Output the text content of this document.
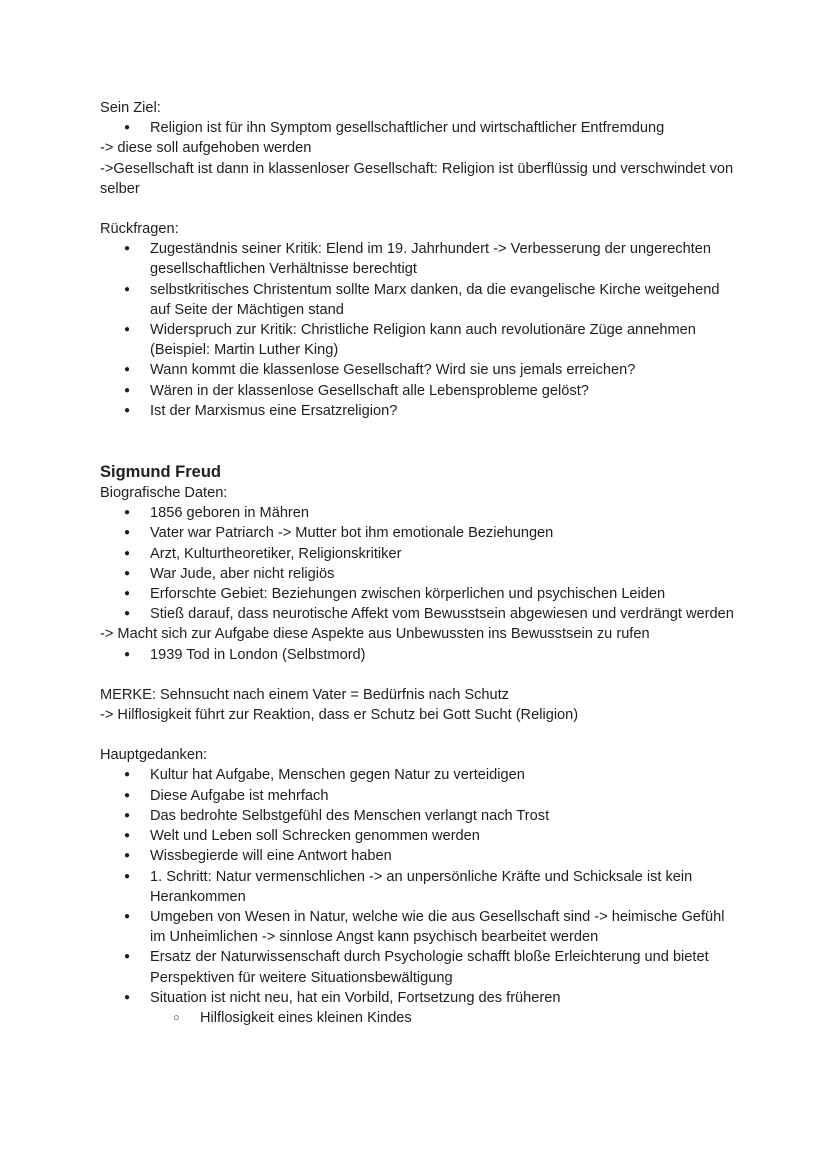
Sein Ziel:

● Religion ist für ihn Symptom gesellschaftlicher und wirtschaftlicher Entfremdung

-> diese soll aufgehoben werden

->Gesellschaft ist dann in klassenloser Gesellschaft: Religion ist überflüssig und verschwindet von selber

Rückfragen:

● Zugeständnis seiner Kritik: Elend im 19. Jahrhundert -> Verbesserung der ungerechten gesellschaftlichen Verhältnisse berechtigt
● selbstkritisches Christentum sollte Marx danken, da die evangelische Kirche weitgehend auf Seite der Mächtigen stand
● Widerspruch zur Kritik: Christliche Religion kann auch revolutionäre Züge annehmen (Beispiel: Martin Luther King)
● Wann kommt die klassenlose Gesellschaft? Wird sie uns jemals erreichen?
● Wären in der klassenlose Gesellschaft alle Lebensprobleme gelöst?
● Ist der Marxismus eine Ersatzreligion?

Sigmund Freud

Biografische Daten:

● 1856 geboren in Mähren
● Vater war Patriarch -> Mutter bot ihm emotionale Beziehungen
● Arzt, Kulturtheoretiker, Religionskritiker
● War Jude, aber nicht religiös
● Erforschte Gebiet: Beziehungen zwischen körperlichen und psychischen Leiden
● Stieß darauf, dass neurotische Affekt vom Bewusstsein abgewiesen und verdrängt werden

-> Macht sich zur Aufgabe diese Aspekte aus Unbewussten ins Bewusstsein zu rufen

● 1939 Tod in London (Selbstmord)

MERKE: Sehnsucht nach einem Vater = Bedürfnis nach Schutz

-> Hilflosigkeit führt zur Reaktion, dass er Schutz bei Gott Sucht (Religion)

Hauptgedanken:

● Kultur hat Aufgabe, Menschen gegen Natur zu verteidigen
● Diese Aufgabe ist mehrfach
● Das bedrohte Selbstgefühl des Menschen verlangt nach Trost
● Welt und Leben soll Schrecken genommen werden
● Wissbegierde will eine Antwort haben
● 1. Schritt: Natur vermenschlichen -> an unpersönliche Kräfte und Schicksale ist kein Herankommen
● Umgeben von Wesen in Natur, welche wie die aus Gesellschaft sind -> heimische Gefühl im Unheimlichen -> sinnlose Angst kann psychisch bearbeitet werden
● Ersatz der Naturwissenschaft durch Psychologie schafft bloße Erleichterung und bietet Perspektiven für weitere Situationsbewältigung
● Situation ist nicht neu, hat ein Vorbild, Fortsetzung des früheren
○ Hilflosigkeit eines kleinen Kindes
